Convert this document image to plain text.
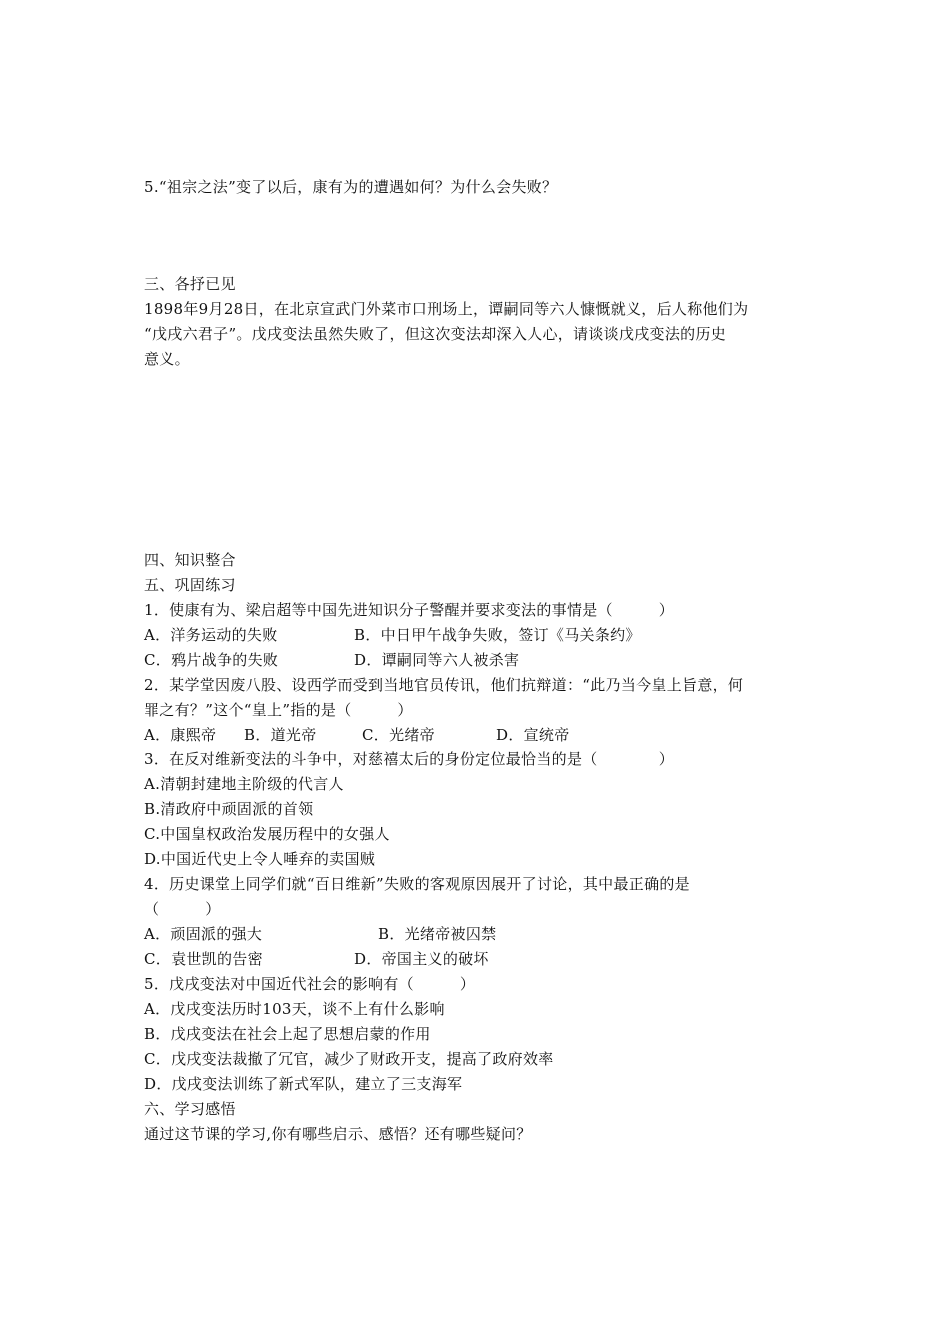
5.“祖宗之法”变了以后，康有为的遭遇如何？为什么会失败？
三、各抒已见
1898年9月28日，在北京宣武门外菜市口刑场上，谭嗣同等六人慷慨就义，后人称他们为
“戊戌六君子”。戊戌变法虽然失败了，但这次变法却深入人心，请谈谈戊戌变法的历史
意义。
四、知识整合
五、巩固练习
1．使康有为、梁启超等中国先进知识分子警醒并要求变法的事情是（　　　）
A．洋务运动的失败	B．中日甲午战争失败，签订《马关条约》
C．鸦片战争的失败	D．谭嗣同等六人被杀害
2．某学堂因废八股、设西学而受到当地官员传讯，他们抗辩道：“此乃当今皇上旨意，何
罪之有？”这个“皇上”指的是（　　　）
A．康熙帝	B．道光帝	C．光绪帝	D．宣统帝
3．在反对维新变法的斗争中，对慈禧太后的身份定位最恰当的是（　　　　）
A.清朝封建地主阶级的代言人
B.清政府中顽固派的首领
C.中国皇权政治发展历程中的女强人
D.中国近代史上令人唾弃的卖国贼
4．历史课堂上同学们就“百日维新”失败的客观原因展开了讨论，其中最正确的是
（　　　）
A．顽固派的强大	B．光绪帝被囚禁
C．袁世凯的告密	D．帝国主义的破坏
5．戊戌变法对中国近代社会的影响有（　　　）
A．戊戌变法历时103天，谈不上有什么影响
B．戊戌变法在社会上起了思想启蒙的作用
C．戊戌变法裁撤了冗官，减少了财政开支，提高了政府效率
D．戊戌变法训练了新式军队，建立了三支海军
六、学习感悟
通过这节课的学习,你有哪些启示、感悟？还有哪些疑问？
